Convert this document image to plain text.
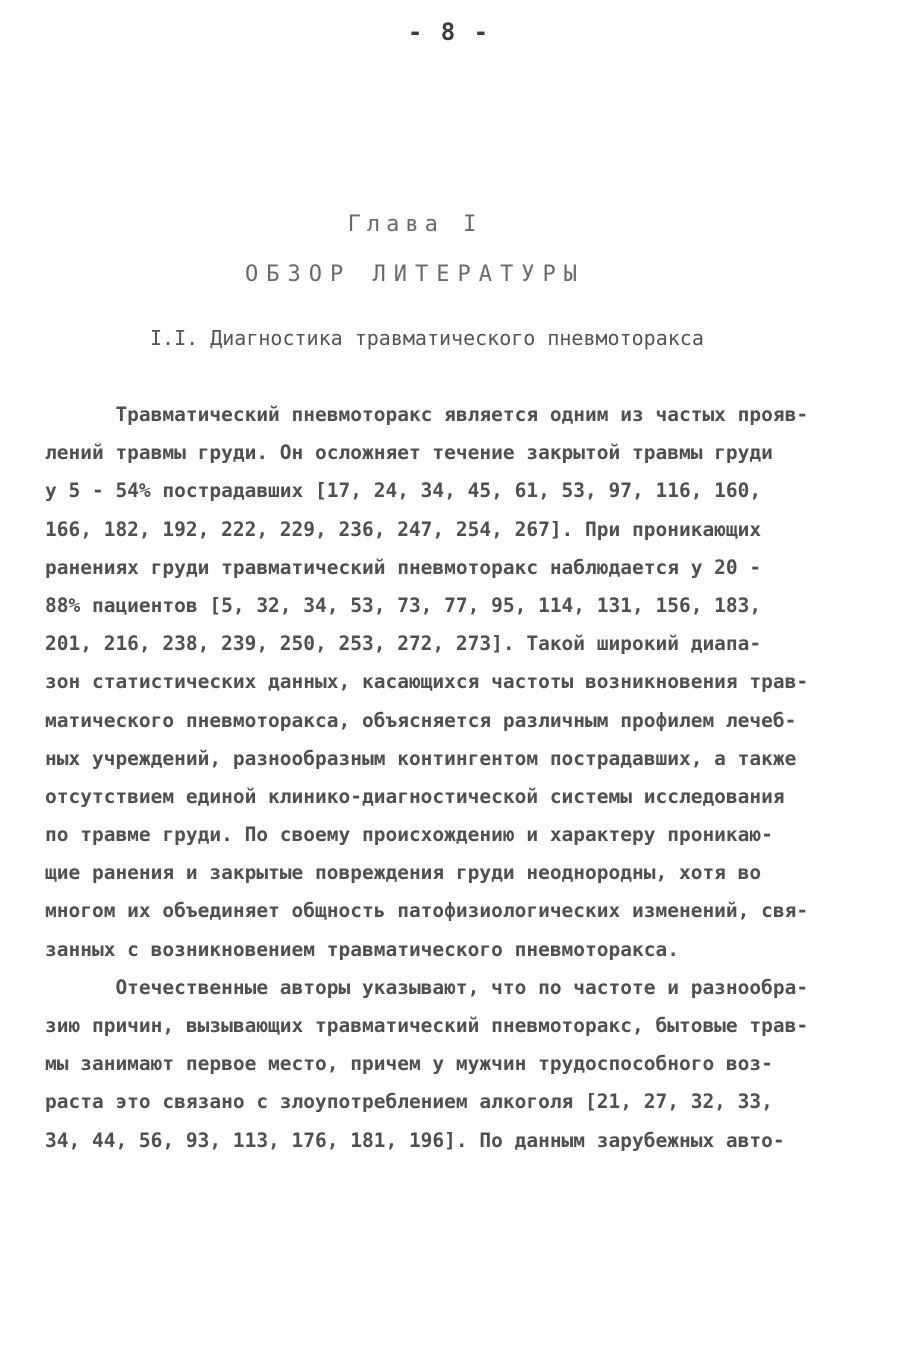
- 8 -
Глава I
ОБЗОР ЛИТЕРАТУРЫ
I.I. Диагностика травматического пневмоторакса
Травматический пневмоторакс является одним из частых прояв-
лений травмы груди. Он осложняет течение закрытой травмы груди
у 5 - 54% пострадавших [17, 24, 34, 45, 61, 53, 97, 116, 160,
166, 182, 192, 222, 229, 236, 247, 254, 267]. При проникающих
ранениях груди травматический пневмоторакс наблюдается у 20 -
88% пациентов [5, 32, 34, 53, 73, 77, 95, 114, 131, 156, 183,
201, 216, 238, 239, 250, 253, 272, 273]. Такой широкий диапа-
зон статистических данных, касающихся частоты возникновения трав-
матического пневмоторакса, объясняется различным профилем лечеб-
ных учреждений, разнообразным контингентом пострадавших, а также
отсутствием единой клинико-диагностической системы исследования
по травме груди. По своему происхождению и характеру проникаю-
щие ранения и закрытые повреждения груди неоднородны, хотя во
многом их объединяет общность патофизиологических изменений, свя-
занных с возникновением травматического пневмоторакса.
Отечественные авторы указывают, что по частоте и разнообра-
зию причин, вызывающих травматический пневмоторакс, бытовые трав-
мы занимают первое место, причем у мужчин трудоспособного воз-
раста это связано с злоупотреблением алкоголя [21, 27, 32, 33,
34, 44, 56, 93, 113, 176, 181, 196]. По данным зарубежных авто-
